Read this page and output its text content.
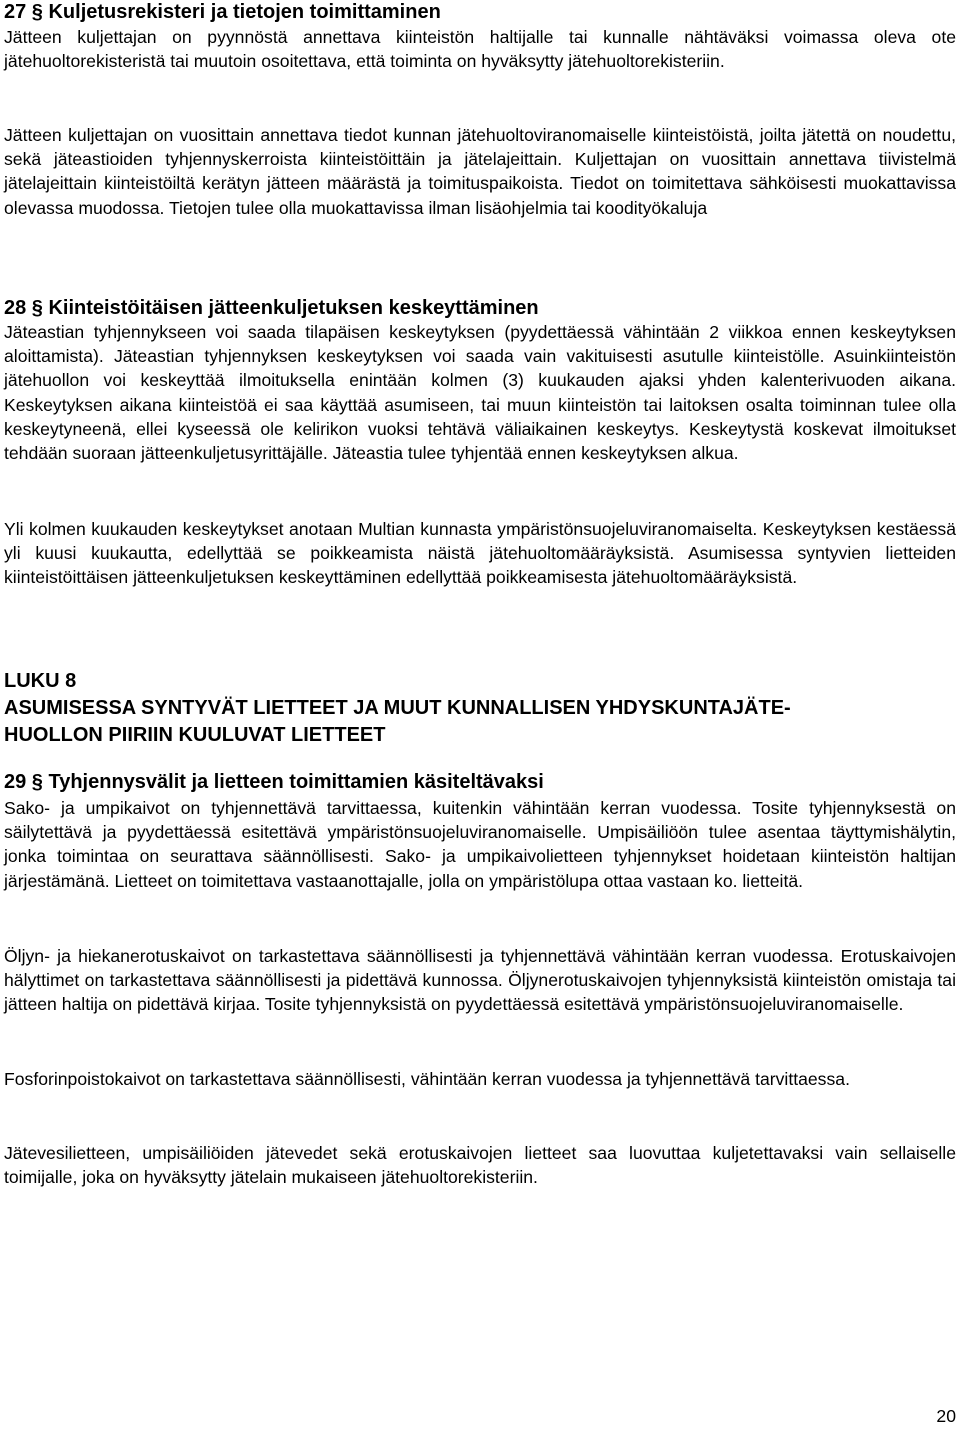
27 § Kuljetusrekisteri ja tietojen toimittaminen

Jätteen kuljettajan on pyynnöstä annettava kiinteistön haltijalle tai kunnalle nähtäväksi voimassa oleva ote jätehuoltorekisteristä tai muutoin osoitettava, että toiminta on hyväksytty jätehuoltorekisteriin.

Jätteen kuljettajan on vuosittain annettava tiedot kunnan jätehuoltoviranomaiselle kiinteistöistä, joilta jätettä on noudettu, sekä jäteastioiden tyhjennyskerroista kiinteistöittäin ja jätelajeittain. Kuljettajan on vuosittain annettava tiivistelmä jätelajeittain kiinteistöiltä kerätyn jätteen määrästä ja toimituspaikoista. Tiedot on toimitettava sähköisesti muokattavissa olevassa muodossa. Tietojen tulee olla muokattavissa ilman lisäohjelmia tai koodityökaluja

28 § Kiinteistöitäisen jätteenkuljetuksen keskeyttäminen

Jäteastian tyhjennykseen voi saada tilapäisen keskeytyksen (pyydettäessä vähintään 2 viikkoa ennen keskeytyksen aloittamista). Jäteastian tyhjennyksen keskeytyksen voi saada vain vakituisesti asutulle kiinteistölle. Asuinkiinteistön jätehuollon voi keskeyttää ilmoituksella enintään kolmen (3) kuukauden ajaksi yhden kalenterivuoden aikana. Keskeytyksen aikana kiinteistöä ei saa käyttää asumiseen, tai muun kiinteistön tai laitoksen osalta toiminnan tulee olla keskeytyneenä, ellei kyseessä ole kelirikon vuoksi tehtävä väliaikainen keskeytys. Keskeytystä koskevat ilmoitukset tehdään suoraan jätteenkuljetusyrittäjälle. Jäteastia tulee tyhjentää ennen keskeytyksen alkua.

Yli kolmen kuukauden keskeytykset anotaan Multian kunnasta ympäristönsuojeluviranomaiselta. Keskeytyksen kestäessä yli kuusi kuukautta, edellyttää se poikkeamista näistä jätehuoltomääräyksistä. Asumisessa syntyvien lietteiden kiinteistöittäisen jätteenkuljetuksen keskeyttäminen edellyttää poikkeamisesta jätehuoltomääräyksistä.

LUKU 8
ASUMISESSA SYNTYVÄT LIETTEET JA MUUT KUNNALLISEN YHDYSKUNTAJÄTE-
HUOLLON PIIRIIN KUULUVAT LIETTEET
29 § Tyhjennysvälit ja lietteen toimittamien käsiteltävaksi

Sako- ja umpikaivot on tyhjennettävä tarvittaessa, kuitenkin vähintään kerran vuodessa. Tosite tyhjennyksestä on säilytettävä ja pyydettäessä esitettävä ympäristönsuojeluviranomaiselle. Umpisäiliöön tulee asentaa täyttymishälytin, jonka toimintaa on seurattava säännöllisesti. Sako- ja umpikaivolietteen tyhjennykset hoidetaan kiinteistön haltijan järjestämänä. Lietteet on toimitettava vastaanottajalle, jolla on ympäristölupa ottaa vastaan ko. lietteitä.

Öljyn- ja hiekanerotuskaivot on tarkastettava säännöllisesti ja tyhjennettävä vähintään kerran vuodessa. Erotuskaivojen hälyttimet on tarkastettava säännöllisesti ja pidettävä kunnossa. Öljynerotuskaivojen tyhjennyksistä kiinteistön omistaja tai jätteen haltija on pidettävä kirjaa. Tosite tyhjennyksistä on pyydettäessä esitettävä ympäristönsuojeluviranomaiselle.

Fosforinpoistokaivot on tarkastettava säännöllisesti, vähintään kerran vuodessa ja tyhjennettävä tarvittaessa.

Jätevesilietteen, umpisäiliöiden jätevedet sekä erotuskaivojen lietteet saa luovuttaa kuljetettavaksi vain sellaiselle toimijalle, joka on hyväksytty jätelain mukaiseen jätehuoltorekisteriin.

20
